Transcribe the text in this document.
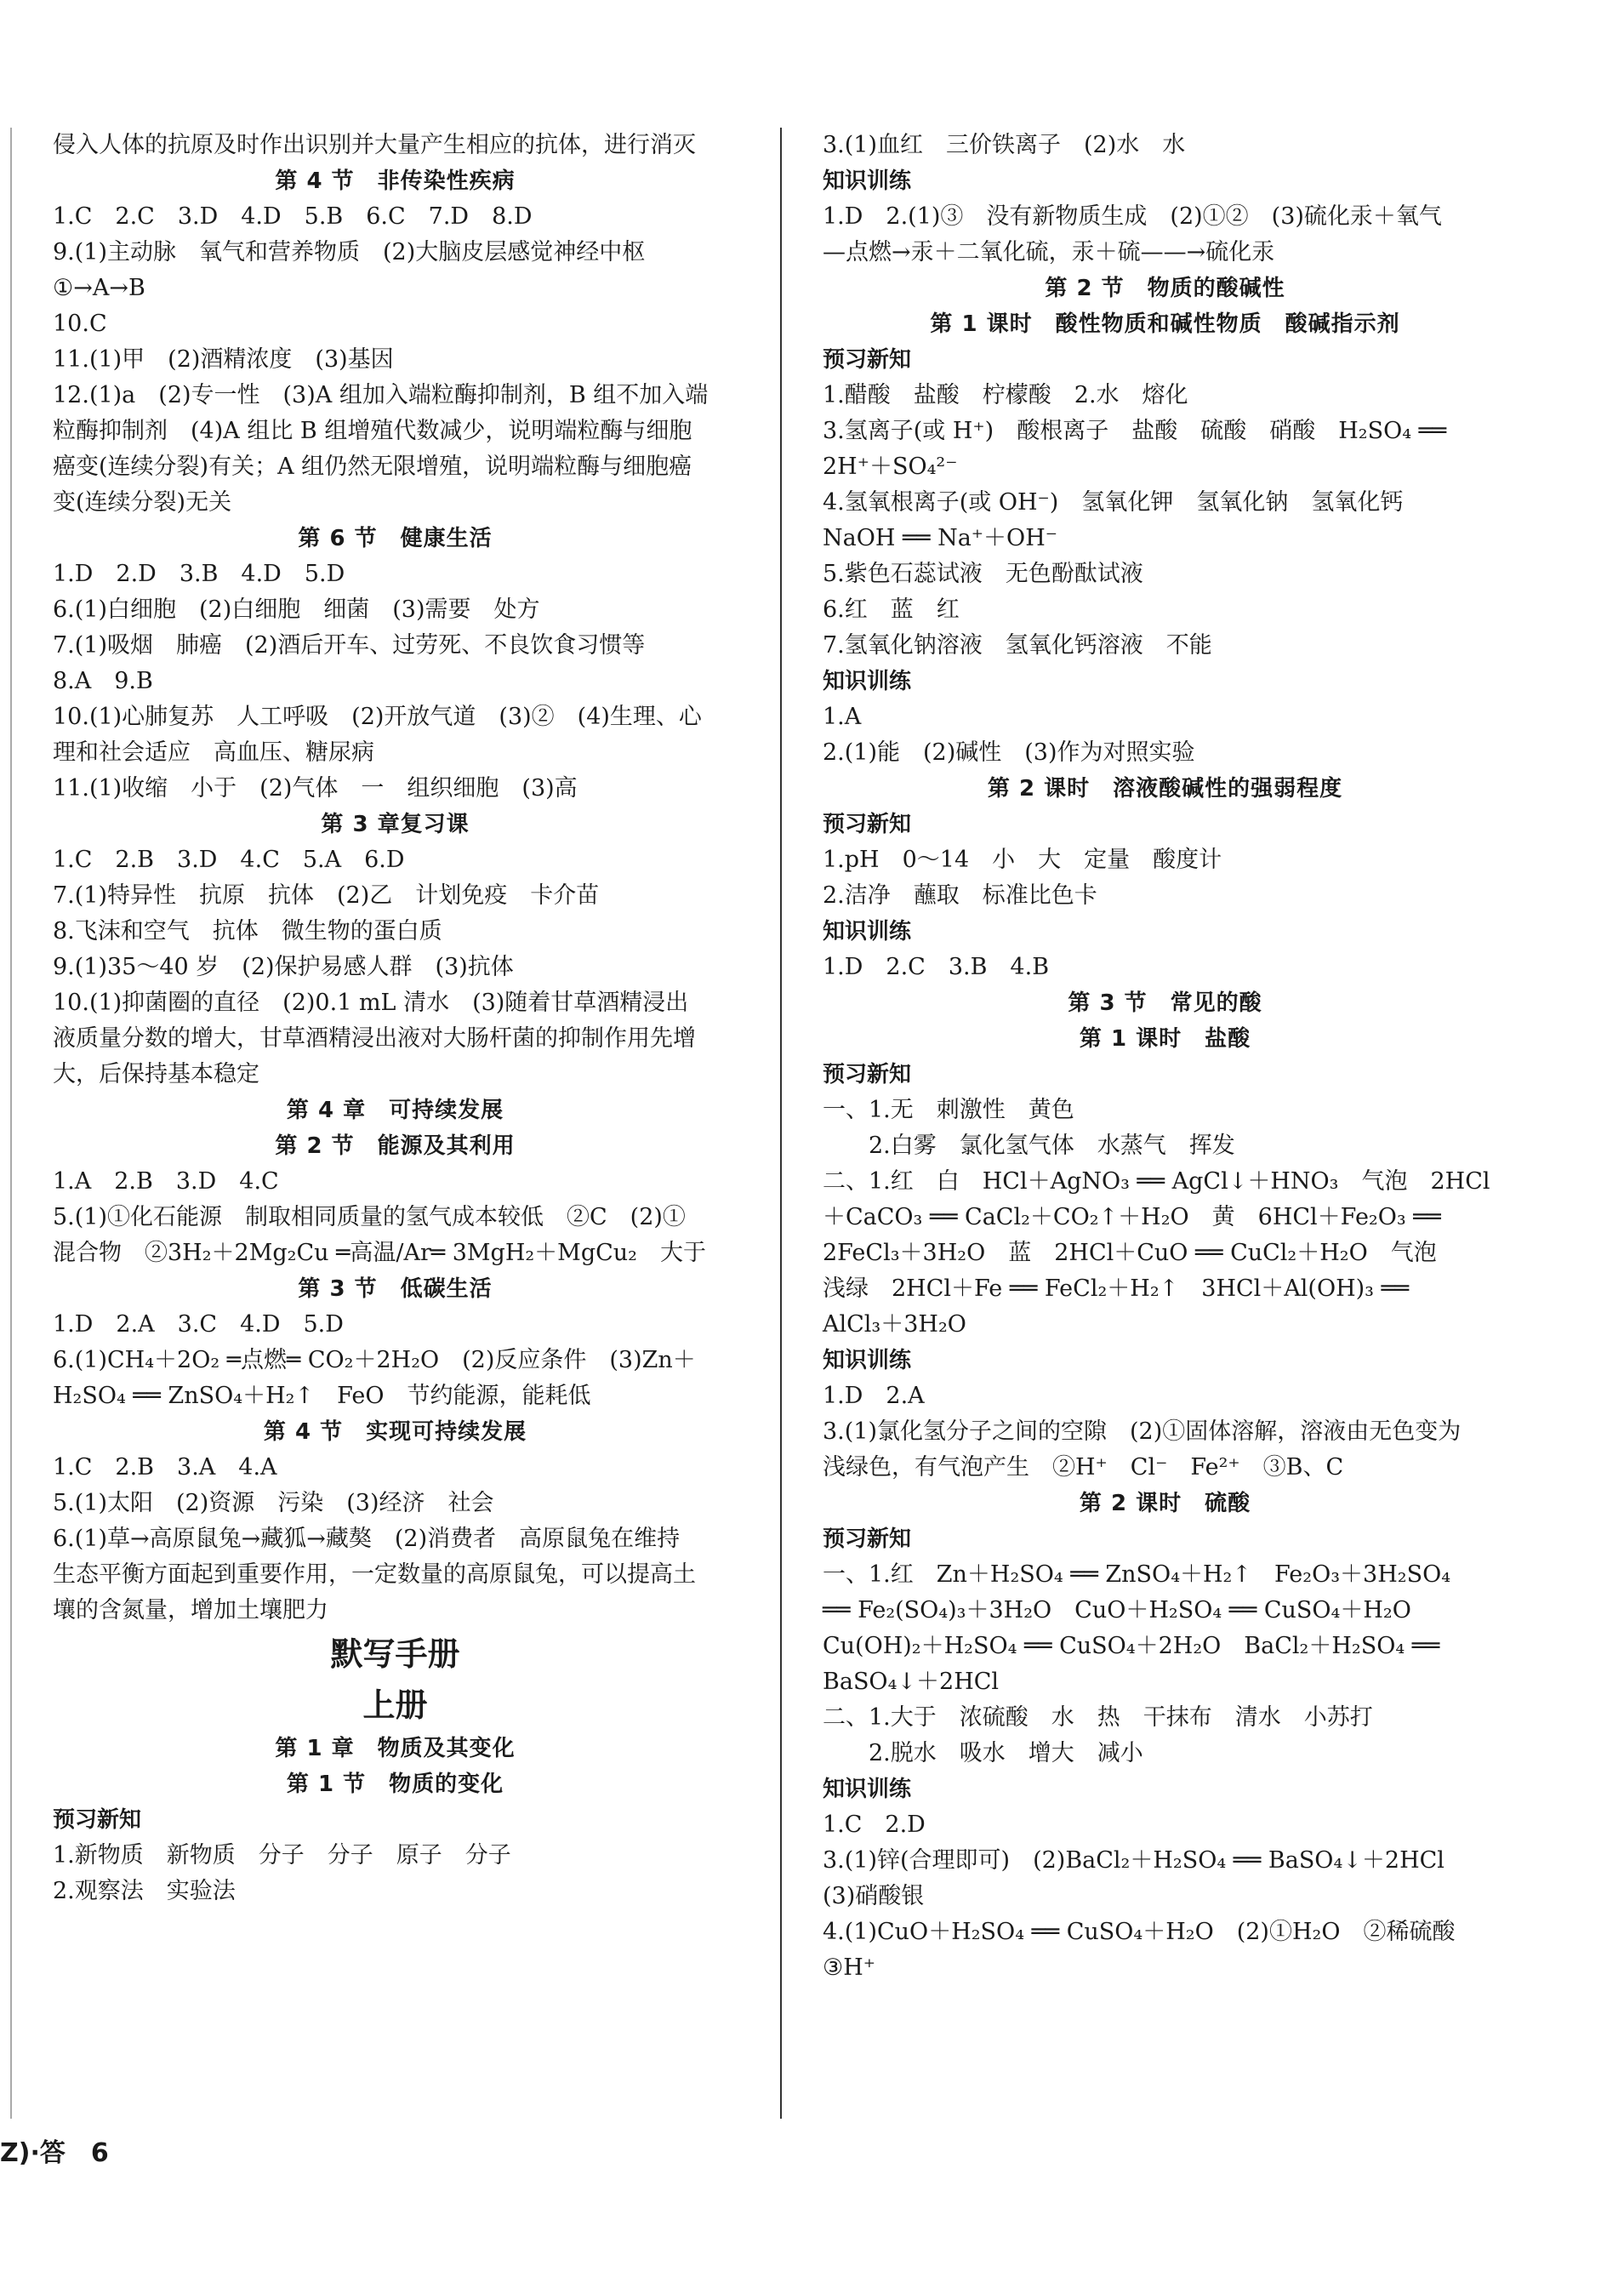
侵入人体的抗原及时作出识别并大量产生相应的抗体，进行消灭
第 4 节　非传染性疾病
1.C　2.C　3.D　4.D　5.B　6.C　7.D　8.D
9.(1)主动脉　氧气和营养物质　(2)大脑皮层感觉神经中枢
①→A→B
10.C
11.(1)甲　(2)酒精浓度　(3)基因
12.(1)a　(2)专一性　(3)A 组加入端粒酶抑制剂，B 组不加入端
粒酶抑制剂　(4)A 组比 B 组增殖代数减少，说明端粒酶与细胞
癌变(连续分裂)有关；A 组仍然无限增殖，说明端粒酶与细胞癌
变(连续分裂)无关
第 6 节　健康生活
1.D　2.D　3.B　4.D　5.D
6.(1)白细胞　(2)白细胞　细菌　(3)需要　处方
7.(1)吸烟　肺癌　(2)酒后开车、过劳死、不良饮食习惯等
8.A　9.B
10.(1)心肺复苏　人工呼吸　(2)开放气道　(3)②　(4)生理、心
理和社会适应　高血压、糖尿病
11.(1)收缩　小于　(2)气体　一　组织细胞　(3)高
第 3 章复习课
1.C　2.B　3.D　4.C　5.A　6.D
7.(1)特异性　抗原　抗体　(2)乙　计划免疫　卡介苗
8.飞沫和空气　抗体　微生物的蛋白质
9.(1)35～40 岁　(2)保护易感人群　(3)抗体
10.(1)抑菌圈的直径　(2)0.1 mL 清水　(3)随着甘草酒精浸出
液质量分数的增大，甘草酒精浸出液对大肠杆菌的抑制作用先增
大，后保持基本稳定
第 4 章　可持续发展
第 2 节　能源及其利用
1.A　2.B　3.D　4.C
5.(1)①化石能源　制取相同质量的氢气成本较低　②C　(2)①
混合物　②3H₂＋2Mg₂Cu ═高温/Ar═ 3MgH₂＋MgCu₂　大于
第 3 节　低碳生活
1.D　2.A　3.C　4.D　5.D
6.(1)CH₄＋2O₂ ═点燃═ CO₂＋2H₂O　(2)反应条件　(3)Zn＋
H₂SO₄ ══ ZnSO₄＋H₂↑　FeO　节约能源，能耗低
第 4 节　实现可持续发展
1.C　2.B　3.A　4.A
5.(1)太阳　(2)资源　污染　(3)经济　社会
6.(1)草→高原鼠兔→藏狐→藏獒　(2)消费者　高原鼠兔在维持
生态平衡方面起到重要作用，一定数量的高原鼠兔，可以提高土
壤的含氮量，增加土壤肥力
默写手册
上册
第 1 章　物质及其变化
第 1 节　物质的变化
预习新知
1.新物质　新物质　分子　分子　原子　分子
2.观察法　实验法
3.(1)血红　三价铁离子　(2)水　水
知识训练
1.D　2.(1)③　没有新物质生成　(2)①②　(3)硫化汞＋氧气
—点燃→汞＋二氧化硫，汞＋硫——→硫化汞
第 2 节　物质的酸碱性
第 1 课时　酸性物质和碱性物质　酸碱指示剂
预习新知
1.醋酸　盐酸　柠檬酸　2.水　熔化
3.氢离子(或 H⁺)　酸根离子　盐酸　硫酸　硝酸　H₂SO₄ ══
2H⁺＋SO₄²⁻
4.氢氧根离子(或 OH⁻)　氢氧化钾　氢氧化钠　氢氧化钙
NaOH ══ Na⁺＋OH⁻
5.紫色石蕊试液　无色酚酞试液
6.红　蓝　红
7.氢氧化钠溶液　氢氧化钙溶液　不能
知识训练
1.A
2.(1)能　(2)碱性　(3)作为对照实验
第 2 课时　溶液酸碱性的强弱程度
预习新知
1.pH　0～14　小　大　定量　酸度计
2.洁净　蘸取　标准比色卡
知识训练
1.D　2.C　3.B　4.B
第 3 节　常见的酸
第 1 课时　盐酸
预习新知
一、1.无　刺激性　黄色
　　2.白雾　氯化氢气体　水蒸气　挥发
二、1.红　白　HCl＋AgNO₃ ══ AgCl↓＋HNO₃　气泡　2HCl
＋CaCO₃ ══ CaCl₂＋CO₂↑＋H₂O　黄　6HCl＋Fe₂O₃ ══
2FeCl₃＋3H₂O　蓝　2HCl＋CuO ══ CuCl₂＋H₂O　气泡
浅绿　2HCl＋Fe ══ FeCl₂＋H₂↑　3HCl＋Al(OH)₃ ══
AlCl₃＋3H₂O
知识训练
1.D　2.A
3.(1)氯化氢分子之间的空隙　(2)①固体溶解，溶液由无色变为
浅绿色，有气泡产生　②H⁺　Cl⁻　Fe²⁺　③B、C
第 2 课时　硫酸
预习新知
一、1.红　Zn＋H₂SO₄ ══ ZnSO₄＋H₂↑　Fe₂O₃＋3H₂SO₄
══ Fe₂(SO₄)₃＋3H₂O　CuO＋H₂SO₄ ══ CuSO₄＋H₂O
Cu(OH)₂＋H₂SO₄ ══ CuSO₄＋2H₂O　BaCl₂＋H₂SO₄ ══
BaSO₄↓＋2HCl
二、1.大于　浓硫酸　水　热　干抹布　清水　小苏打
　　2.脱水　吸水　增大　减小
知识训练
1.C　2.D
3.(1)锌(合理即可)　(2)BaCl₂＋H₂SO₄ ══ BaSO₄↓＋2HCl
(3)硝酸银
4.(1)CuO＋H₂SO₄ ══ CuSO₄＋H₂O　(2)①H₂O　②稀硫酸
③H⁺
Z)·答　6
